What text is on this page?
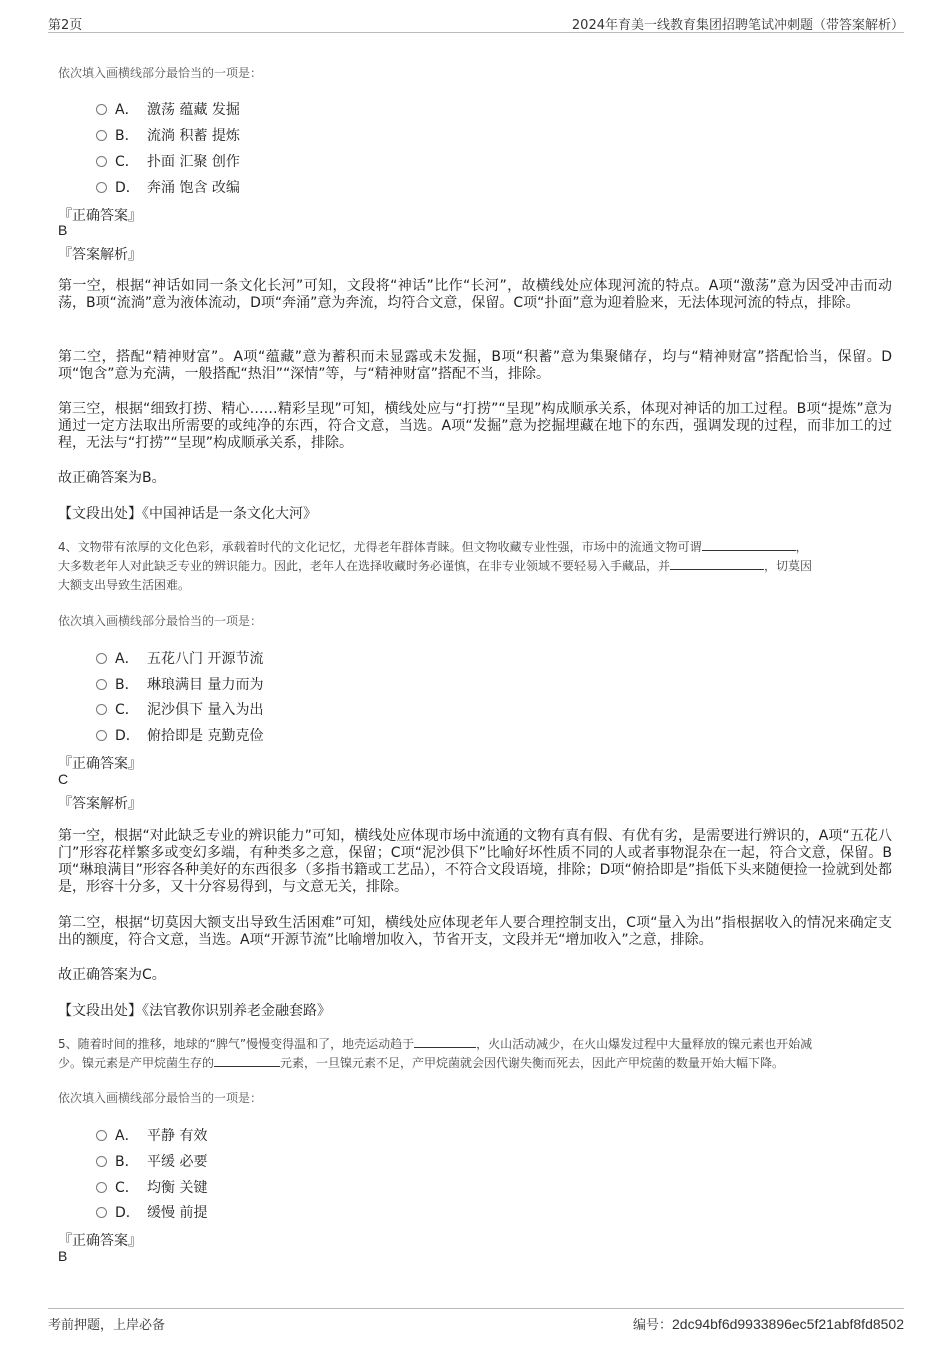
第2页	2024年育美一线教育集团招聘笔试冲刺题（带答案解析）
依次填入画横线部分最恰当的一项是：
A． 激荡 蕴藏 发掘
B． 流淌 积蓄 提炼
C． 扑面 汇聚 创作
D． 奔涌 饱含 改编
『正确答案』
B
『答案解析』
第一空，根据“神话如同一条文化长河”可知，文段将“神话”比作“长河”，故横线处应体现河流的特点。A项“激荡”意为因受冲击而动荡，B项“流淌”意为液体流动，D项“奔涌”意为奔流，均符合文意，保留。C项“扑面”意为迎着脸来，无法体现河流的特点，排除。
第二空，搭配“精神财富”。A项“蕴藏”意为蓄积而未显露或未发掘，B项“积蓄”意为集聚储存，均与“精神财富”搭配恰当，保留。D项“饱含”意为充满，一般搭配“热泪”“深情”等，与“精神财富”搭配不当，排除。
第三空，根据“细致打捞、精心……精彩呈现”可知，横线处应与“打捞”“呈现”构成顺承关系，体现对神话的加工过程。B项“提炼”意为通过一定方法取出所需要的或纯净的东西，符合文意，当选。A项“发掘”意为挖掘埋藏在地下的东西，强调发现的过程，而非加工的过程，无法与“打捞”“呈现”构成顺承关系，排除。
故正确答案为B。
【文段出处】《中国神话是一条文化大河》
4、文物带有浓厚的文化色彩，承载着时代的文化记忆，尤得老年群体青睐。但文物收藏专业性强，市场中的流通文物可谓	，
大多数老年人对此缺乏专业的辨识能力。因此，老年人在选择收藏时务必谨慎，在非专业领域不要轻易入手藏品，并	，切莫因
大额支出导致生活困难。
依次填入画横线部分最恰当的一项是：
A． 五花八门 开源节流
B． 琳琅满目 量力而为
C． 泥沙俱下 量入为出
D． 俯拾即是 克勤克俭
『正确答案』
C
『答案解析』
第一空，根据“对此缺乏专业的辨识能力”可知，横线处应体现市场中流通的文物有真有假、有优有劣，是需要进行辨识的，A项“五花八门”形容花样繁多或变幻多端，有种类多之意，保留；C项“泥沙俱下”比喻好坏性质不同的人或者事物混杂在一起，符合文意，保留。B项“琳琅满目”形容各种美好的东西很多（多指书籍或工艺品），不符合文段语境，排除；D项“俯拾即是”指低下头来随便捡一捡就到处都是，形容十分多，又十分容易得到，与文意无关，排除。
第二空，根据“切莫因大额支出导致生活困难”可知，横线处应体现老年人要合理控制支出，C项“量入为出”指根据收入的情况来确定支出的额度，符合文意，当选。A项“开源节流”比喻增加收入，节省开支，文段并无“增加收入”之意，排除。
故正确答案为C。
【文段出处】《法官教你识别养老金融套路》
5、随着时间的推移，地球的“脾气”慢慢变得温和了，地壳运动趋于	，火山活动减少，在火山爆发过程中大量释放的镍元素也开始减
少。镍元素是产甲烷菌生存的	元素，一旦镍元素不足，产甲烷菌就会因代谢失衡而死去，因此产甲烷菌的数量开始大幅下降。
依次填入画横线部分最恰当的一项是：
A． 平静 有效
B． 平缓 必要
C． 均衡 关键
D． 缓慢 前提
『正确答案』
B
考前押题，上岸必备	编号：2dc94bf6d9933896ec5f21abf8fd8502
